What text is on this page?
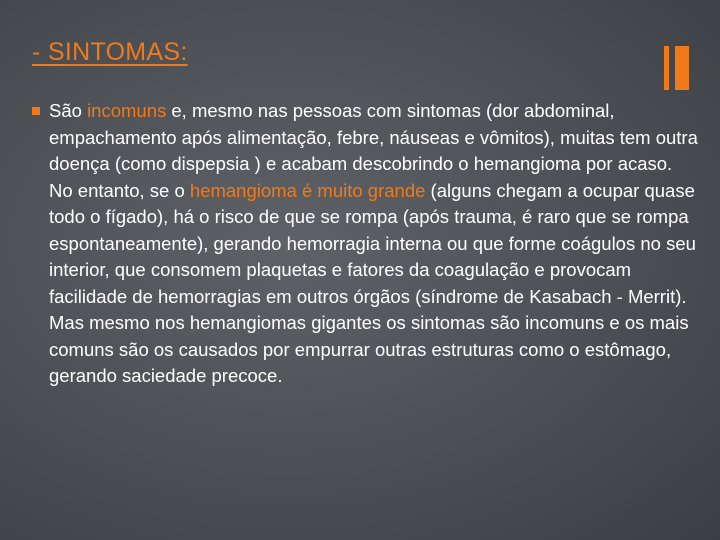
- SINTOMAS:

São incomuns e, mesmo nas pessoas com sintomas (dor abdominal, empachamento após alimentação, febre, náuseas e vômitos), muitas tem outra doença (como dispepsia ) e acabam descobrindo o hemangioma por acaso. No entanto, se o hemangioma é muito grande (alguns chegam a ocupar quase todo o fígado), há o risco de que se rompa (após trauma, é raro que se rompa espontaneamente), gerando hemorragia interna ou que forme coágulos no seu interior, que consomem plaquetas e fatores da coagulação e provocam facilidade de hemorragias em outros órgãos (síndrome de Kasabach - Merrit). Mas mesmo nos hemangiomas gigantes os sintomas são incomuns e os mais comuns são os causados por empurrar outras estruturas como o estômago, gerando saciedade precoce.
